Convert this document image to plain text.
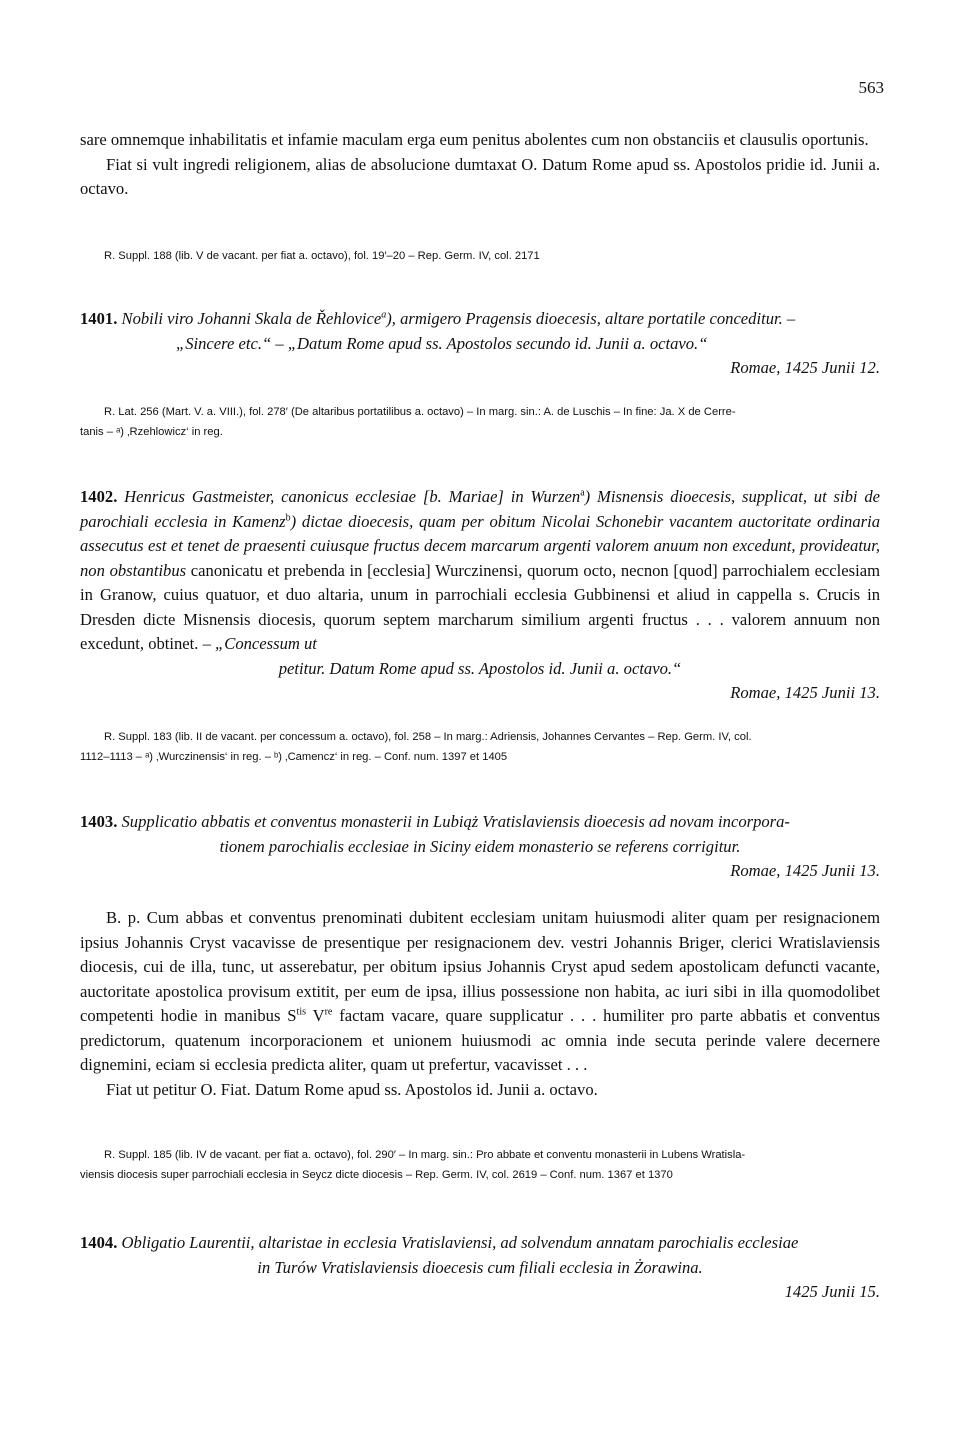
563

sare omnemque inhabilitatis et infamie maculam erga eum penitus abolentes cum non obstanciis et clausulis oportunis.

Fiat si vult ingredi religionem, alias de absolucione dumtaxat O. Datum Rome apud ss. Apostolos pridie id. Junii a. octavo.

R. Suppl. 188 (lib. V de vacant. per fiat a. octavo), fol. 19′–20 – Rep. Germ. IV, col. 2171
1401. Nobili viro Johanni Skala de Řehlovice$^a$), armigero Pragensis dioecesis, altare portatile conceditur. –
„Sincere etc.“ – „Datum Rome apud ss. Apostolos secundo id. Junii a. octavo.“
Romae, 1425 Junii 12.
R. Lat. 256 (Mart. V. a. VIII.), fol. 278′ (De altaribus portatilibus a. octavo) – In marg. sin.: A. de Luschis – In fine: Ja. X de Cerre-
tanis – ᵃ) ‚Rzehlowicz‘ in reg.
1402. Henricus Gastmeister, canonicus ecclesiae [b. Mariae] in Wurzen$^a$) Misnensis dioecesis, supplicat, ut sibi de parochiali ecclesia in Kamenz$^b$) dictae dioecesis, quam per obitum Nicolai Schonebir vacantem auctoritate ordinaria assecutus est et tenet de praesenti cuiusque fructus decem marcarum argenti valorem anuum non excedunt, provideatur, non obstantibus canonicatu et prebenda in [ecclesia] Wurczinensi, quorum octo, necnon [quod] parrochialem ecclesiam in Granow, cuius quatuor, et duo altaria, unum in parrochiali ecclesia Gubbinensi et aliud in cappella s. Crucis in Dresden dicte Misnensis diocesis, quorum septem marcharum similium argenti fructus . . . valorem annuum non excedunt, obtinet. – „Concessum ut
petitur. Datum Rome apud ss. Apostolos id. Junii a. octavo.“
Romae, 1425 Junii 13.
R. Suppl. 183 (lib. II de vacant. per concessum a. octavo), fol. 258 – In marg.: Adriensis, Johannes Cervantes – Rep. Germ. IV, col.
1112–1113 – ᵃ) ‚Wurczinensis‘ in reg. – ᵇ) ‚Camencz‘ in reg. – Conf. num. 1397 et 1405
1403. Supplicatio abbatis et conventus monasterii in Lubiąż Vratislaviensis dioecesis ad novam incorpora-
tionem parochialis ecclesiae in Siciny eidem monasterio se referens corrigitur.
Romae, 1425 Junii 13.

B. p. Cum abbas et conventus prenominati dubitent ecclesiam unitam huiusmodi aliter quam per resignacionem ipsius Johannis Cryst vacavisse de presentique per resignacionem dev. vestri Johannis Briger, clerici Wratislaviensis diocesis, cui de illa, tunc, ut asserebatur, per obitum ipsius Johannis Cryst apud sedem apostolicam defuncti vacante, auctoritate apostolica provisum extitit, per eum de ipsa, illius possessione non habita, ac iuri sibi in illa quomodolibet competenti hodie in manibus $S^{tis}$ Vre factam vacare, quare supplicatur . . . humiliter pro parte abbatis et conventus predictorum, quatenum incorporacionem et unionem huiusmodi ac omnia inde secuta perinde valere decernere dignemini, eciam si ecclesia predicta aliter, quam ut prefertur, vacavisset . . .

Fiat ut petitur O. Fiat. Datum Rome apud ss. Apostolos id. Junii a. octavo.

R. Suppl. 185 (lib. IV de vacant. per fiat a. octavo), fol. 290′ – In marg. sin.: Pro abbate et conventu monasterii in Lubens Wratisla-
viensis diocesis super parrochiali ecclesia in Seycz dicte diocesis – Rep. Germ. IV, col. 2619 – Conf. num. 1367 et 1370
1404. Obligatio Laurentii, altaristae in ecclesia Vratislaviensi, ad solvendum annatam parochialis ecclesiae
in Turów Vratislaviensis dioecesis cum filiali ecclesia in Żorawina.
1425 Junii 15.
